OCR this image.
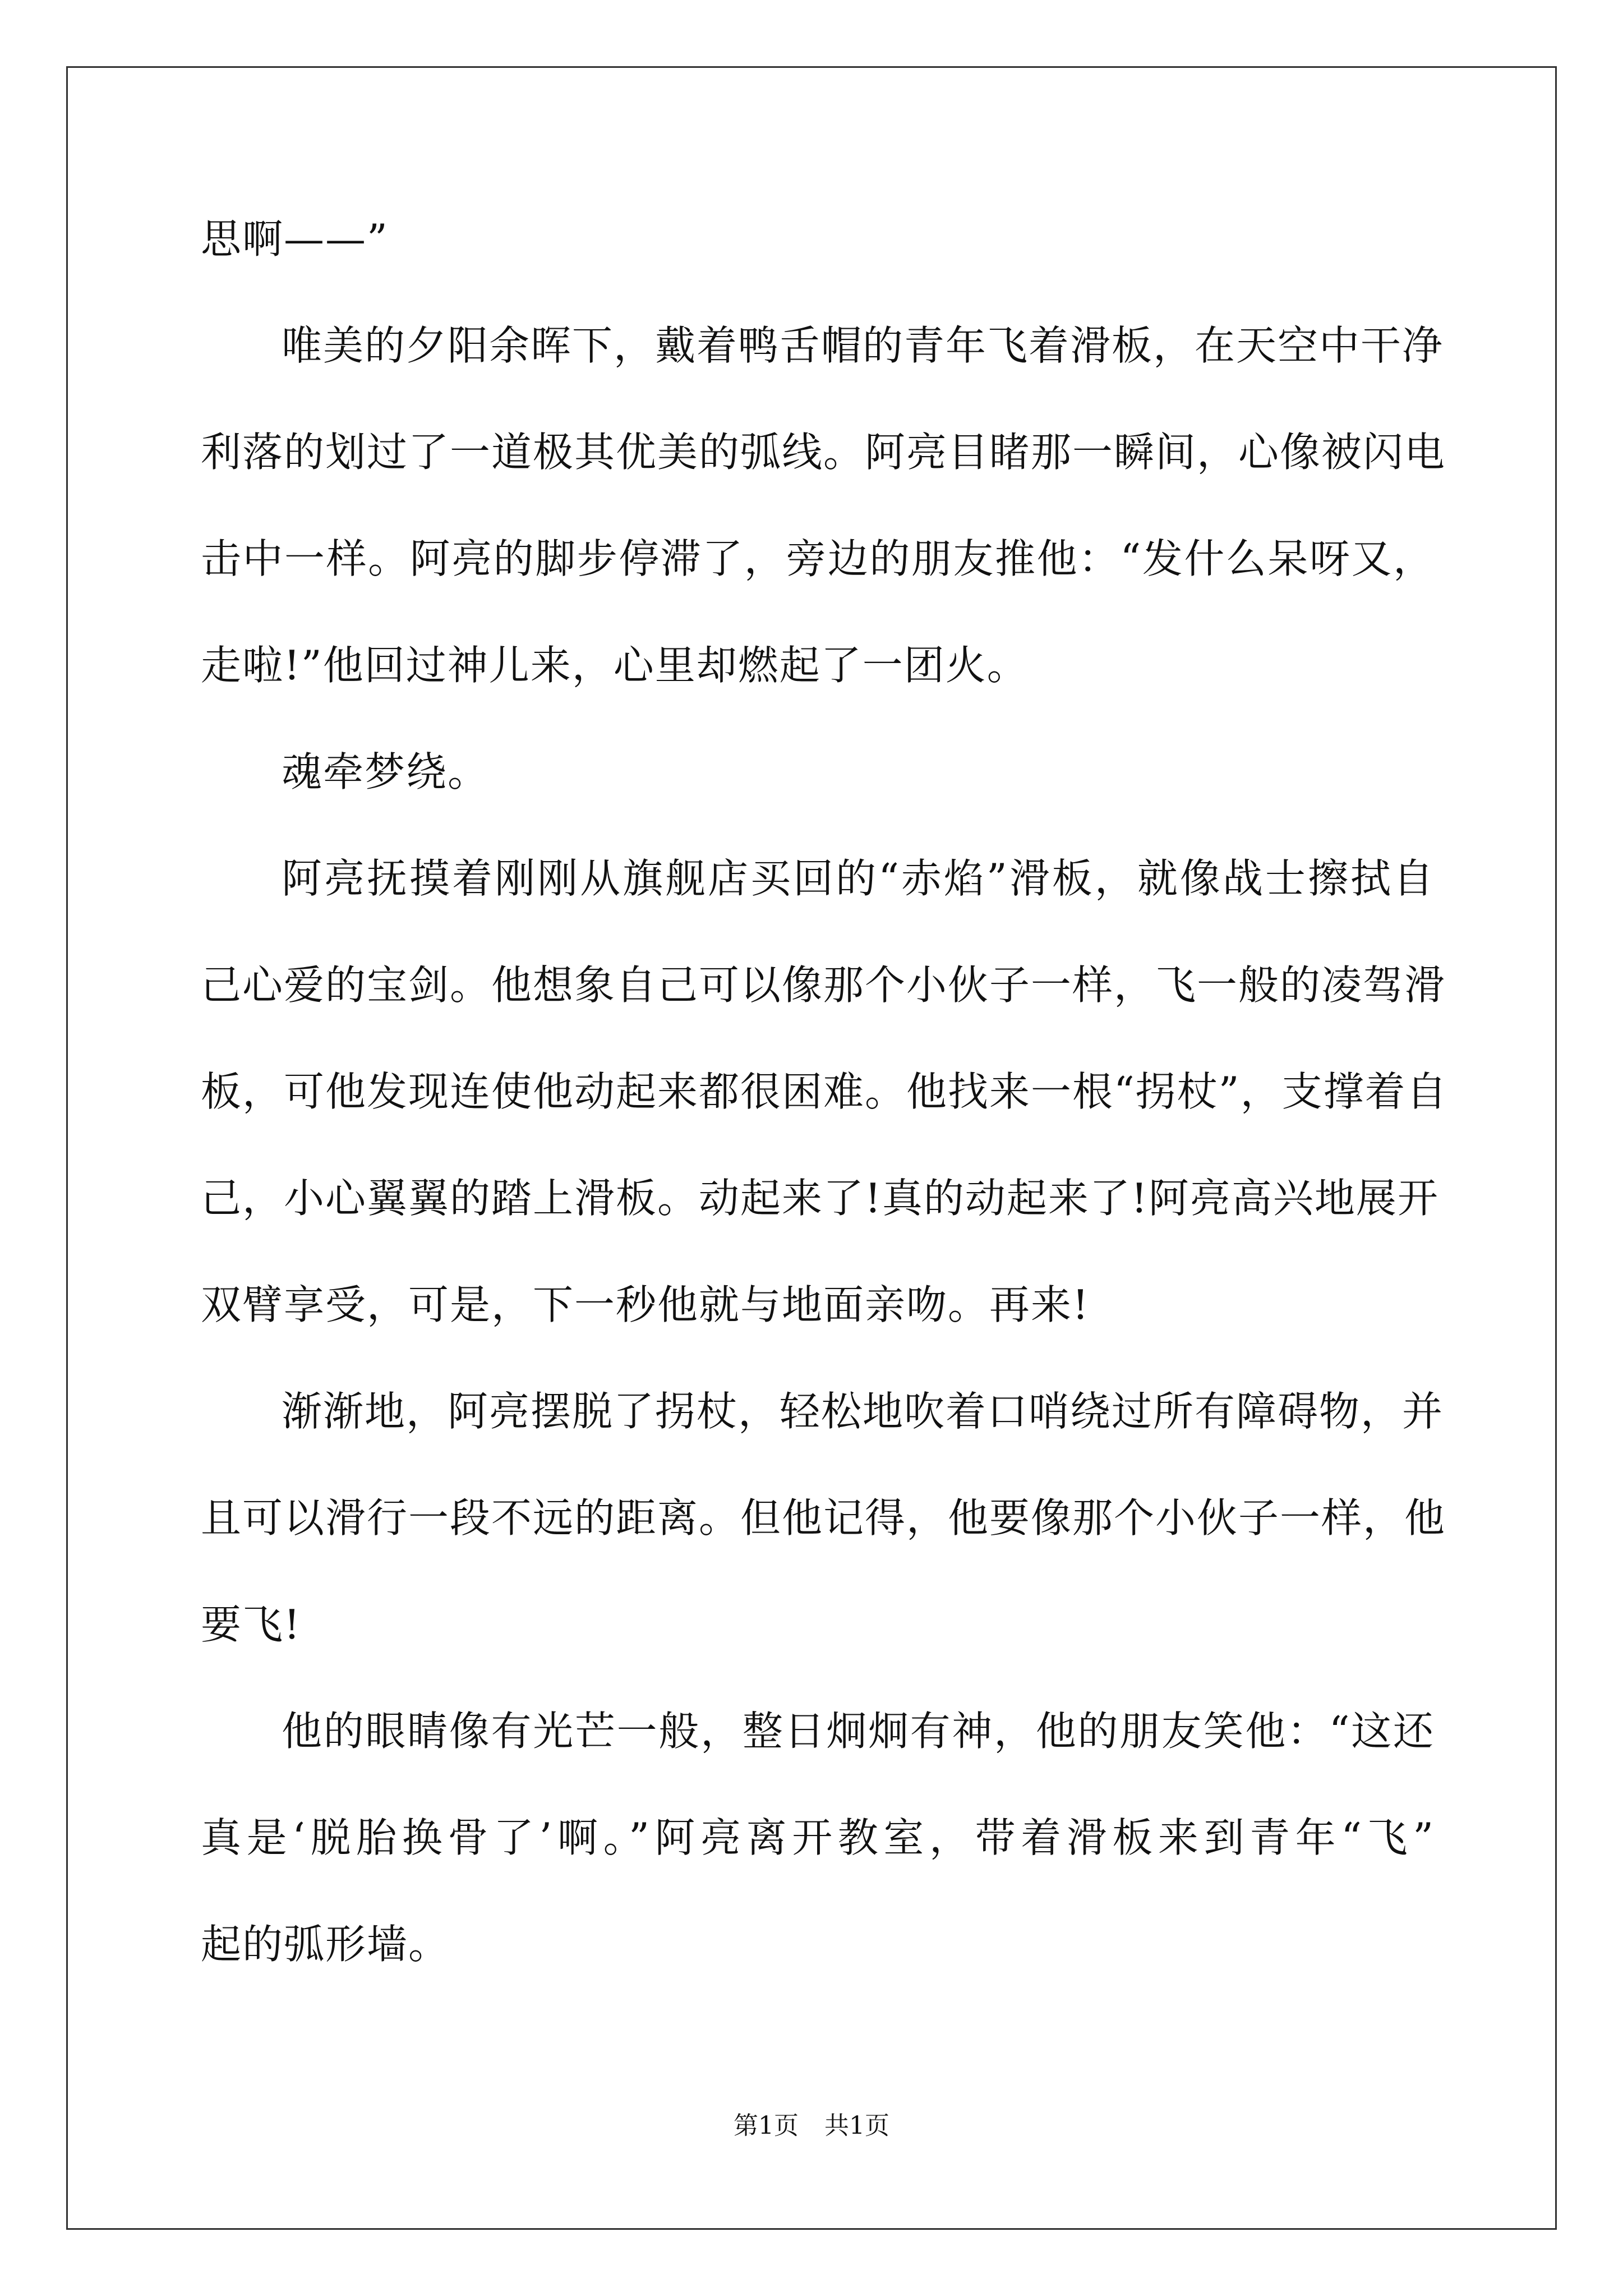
思啊——”
唯美的夕阳余晖下，戴着鸭舌帽的青年飞着滑板，在天空中干净
利落的划过了一道极其优美的弧线。阿亮目睹那一瞬间，心像被闪电
击中一样。阿亮的脚步停滞了，旁边的朋友推他：“发什么呆呀又，
走啦!”他回过神儿来，心里却燃起了一团火。
魂牵梦绕。
阿亮抚摸着刚刚从旗舰店买回的“赤焰”滑板，就像战士擦拭自
己心爱的宝剑。他想象自己可以像那个小伙子一样，飞一般的凌驾滑
板，可他发现连使他动起来都很困难。他找来一根“拐杖”，支撑着自
己，小心翼翼的踏上滑板。动起来了!真的动起来了!阿亮高兴地展开
双臂享受，可是，下一秒他就与地面亲吻。再来!
渐渐地，阿亮摆脱了拐杖，轻松地吹着口哨绕过所有障碍物，并
且可以滑行一段不远的距离。但他记得，他要像那个小伙子一样，他
要飞!
他的眼睛像有光芒一般，整日炯炯有神，他的朋友笑他：“这还
真是‘脱胎换骨了’啊。”阿亮离开教室，带着滑板来到青年“飞”
起的弧形墙。
第1页 共1页
